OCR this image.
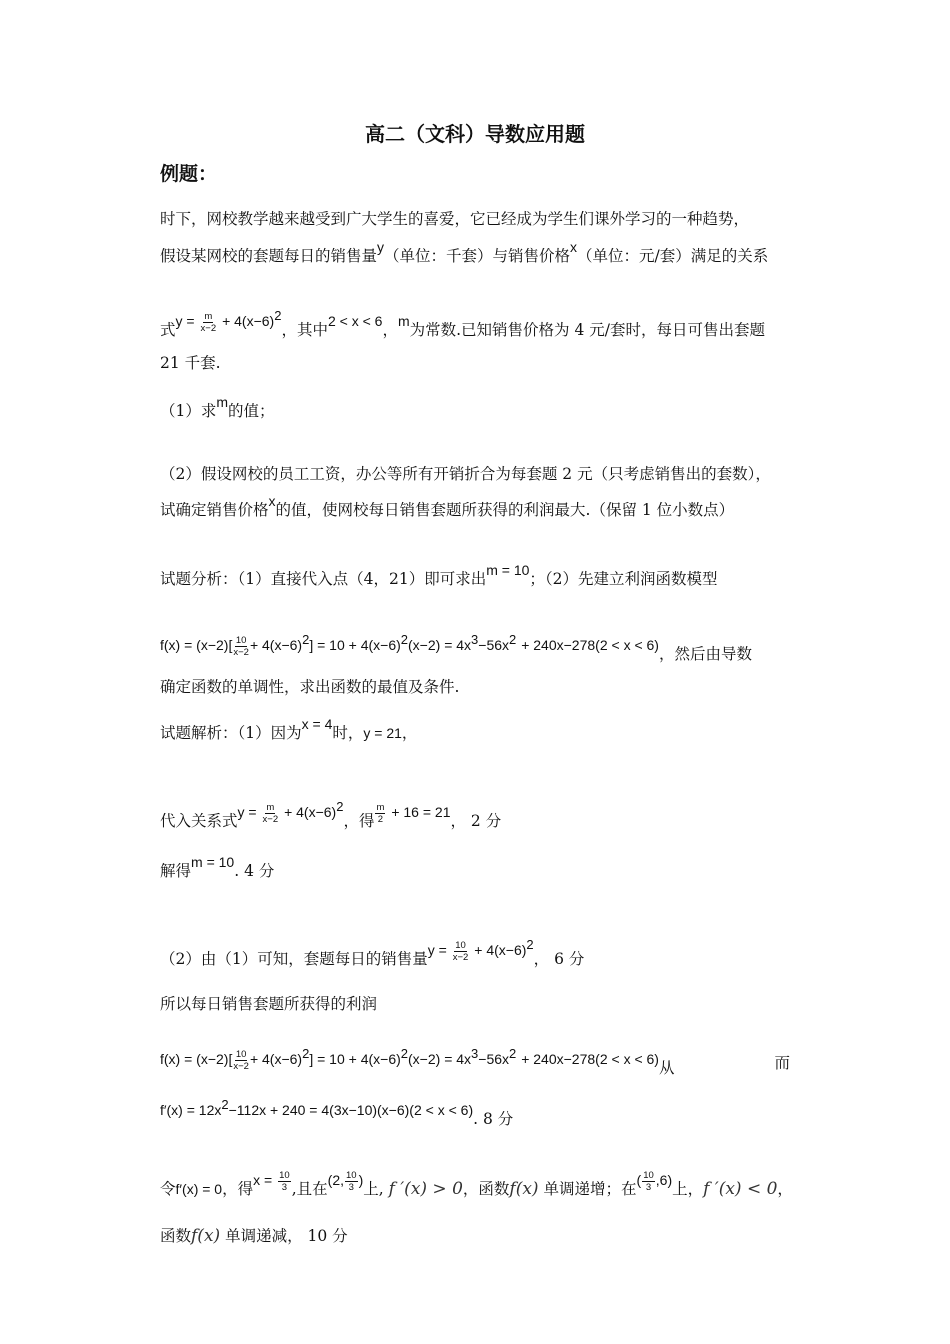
高二（文科）导数应用题
例题：
时下，网校教学越来越受到广大学生的喜爱，它已经成为学生们课外学习的一种趋势，
假设某网校的套题每日的销售量y（单位：千套）与销售价格x（单位：元/套）满足的关系
式$y = \frac{m}{x-2} + 4(x-6)^2$，其中2 < x < 6，m为常数.已知销售价格为 4 元/套时，每日可售出套题
21 千套.
（1）求m的值；
（2）假设网校的员工工资，办公等所有开销折合为每套题 2 元（只考虑销售出的套数），
试确定销售价格x的值，使网校每日销售套题所获得的利润最大.（保留 1 位小数点）
试题分析：（1）直接代入点（4，21）即可求出m = 10；（2）先建立利润函数模型
$f(x) = (x-2)[ \frac{10}{x-2} + 4(x-6)^2] = 10 + 4(x-6)^2(x-2) = 4x^3-56x^2 + 240x-278(2 < x < 6)$，然后由导数
确定函数的单调性，求出函数的最值及条件.
试题解析：（1）因为x = 4时，y = 21，
代入关系式$y = \frac{m}{x-2} + 4(x-6)^2$，得 $\frac{m}{2} + 16 = 21$， 2 分
解得m = 10. 4 分
（2）由（1）可知，套题每日的销售量$y = \frac{10}{x-2} + 4(x-6)^2$， 6 分
所以每日销售套题所获得的利润
$f(x) = (x-2)[ \frac{10}{x-2} + 4(x-6)^2] = 10 + 4(x-6)^2(x-2) = 4x^3-56x^2 + 240x-278(2 < x < 6)$从	而
$f'(x) = 12x^2-112x + 240 = 4(3x-10)(x-6)(2 < x < 6)$. 8 分
令f′(x) = 0，得$x = \frac{10}{3}$ ,且在(2, $\frac{10}{3}$ )上, f ′(x) > 0，函数f(x) 单调递增；在( $\frac{10}{3} ,6$)上，f ′(x) < 0，
函数f(x) 单调递减， 10 分
